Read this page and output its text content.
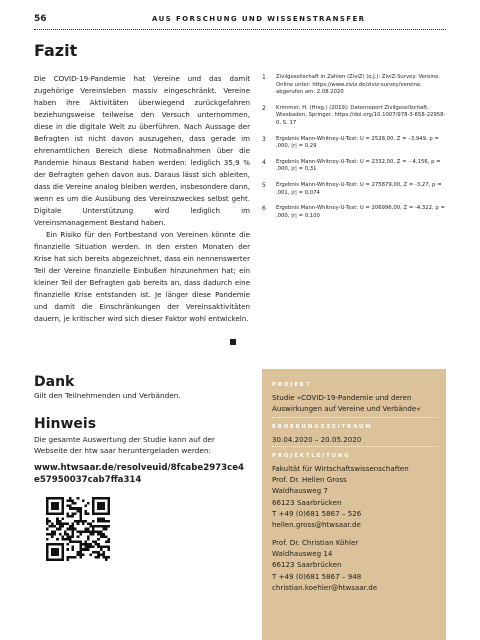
56	AUS FORSCHUNG UND WISSENSTRANSFER
Fazit

Die COVID-19-Pandemie hat Vereine und das damit zugehörige Vereinsleben massiv eingeschränkt. Vereine haben ihre Aktivitäten überwiegend zurückgefahren beziehungsweise teilweise den Versuch unternommen, diese in die digitale Welt zu überführen. Nach Aussage der Befragten ist nicht davon auszugehen, dass gerade im ehrenamtlichen Bereich diese Notmaßnahmen über die Pandemie hinaus Bestand haben werden: lediglich 35,9 % der Befragten gehen davon aus. Daraus lässt sich ableiten, dass die Vereine analog bleiben werden, insbesondere dann, wenn es um die Ausübung des Vereinszweckes selbst geht. Digitale Unterstützung wird lediglich im Vereinsmanagement Bestand haben.

Ein Risiko für den Fortbestand von Vereinen könnte die finanzielle Situation werden. In den ersten Monaten der Krise hat sich bereits abgezeichnet, dass ein nennenswerter Teil der Vereine finanzielle Einbußen hinzunehmen hat; ein kleiner Teil der Befragten gab bereits an, dass dadurch eine finanzielle Krise entstanden ist. Je länger diese Pandemie und damit die Einschränkungen der Vereinsaktivitäten dauern, je kritischer wird sich dieser Faktor wohl entwickeln.

1	Zivilgesellschaft in Zahlen (ZiviZ) (o.J.): ZiviZ-Survey: Vereine. Online unter: https://www.ziviz.de/ziviz-survey/vereine, abgerufen am: 2.08.2020
2	Krimmer, H. (Hrsg.) (2019): Datenreport Zivilgesellschaft, Wiesbaden, Springer, https://doi.org/10.1007/978-3-658-22958-0, S. 17
3	Ergebnis Mann-Whitney-U-Test: U = 2528,00, Z = –3,949, p = ,000, |r| = 0,29
4	Ergebnis Mann-Whitney-U-Test: U = 2332,00, Z = – 4,156, p = ,000, |r| = 0,31
5	Ergebnis Mann-Whitney-U-Test: U = 275879,00, Z = -3,27, p = ,001, |r| = 0,074
6	Ergebnis Mann-Whitney-U-Test: U = 206996,00, Z = -4,322, p = ,000, |r| = 0,100
Dank
Gilt den Teilnehmenden und Verbänden.
Hinweis
Die gesamte Auswertung der Studie kann auf der Webseite der htw saar heruntergeladen werden:
www.htwsaar.de/resolveuid/8fcabe2973ce4e57950037cab7ffa314
PROJEKT
Studie »COVID-19-Pandemie und deren Auswirkungen auf Vereine und Verbände«
ERHEBUNGSZEITRAUM
30.04.2020 – 20.05.2020
PROJEKTLEITUNG
Fakultät für Wirtschaftswissenschaften
Prof. Dr. Hellen Gross
Waldhausweg 7
66123 Saarbrücken
T +49 (0)681 5867 – 526
hellen.gross@htwsaar.de
Prof. Dr. Christian Köhler
Waldhausweg 14
66123 Saarbrücken
T +49 (0)681 5867 – 948
christian.koehler@htwsaar.de
